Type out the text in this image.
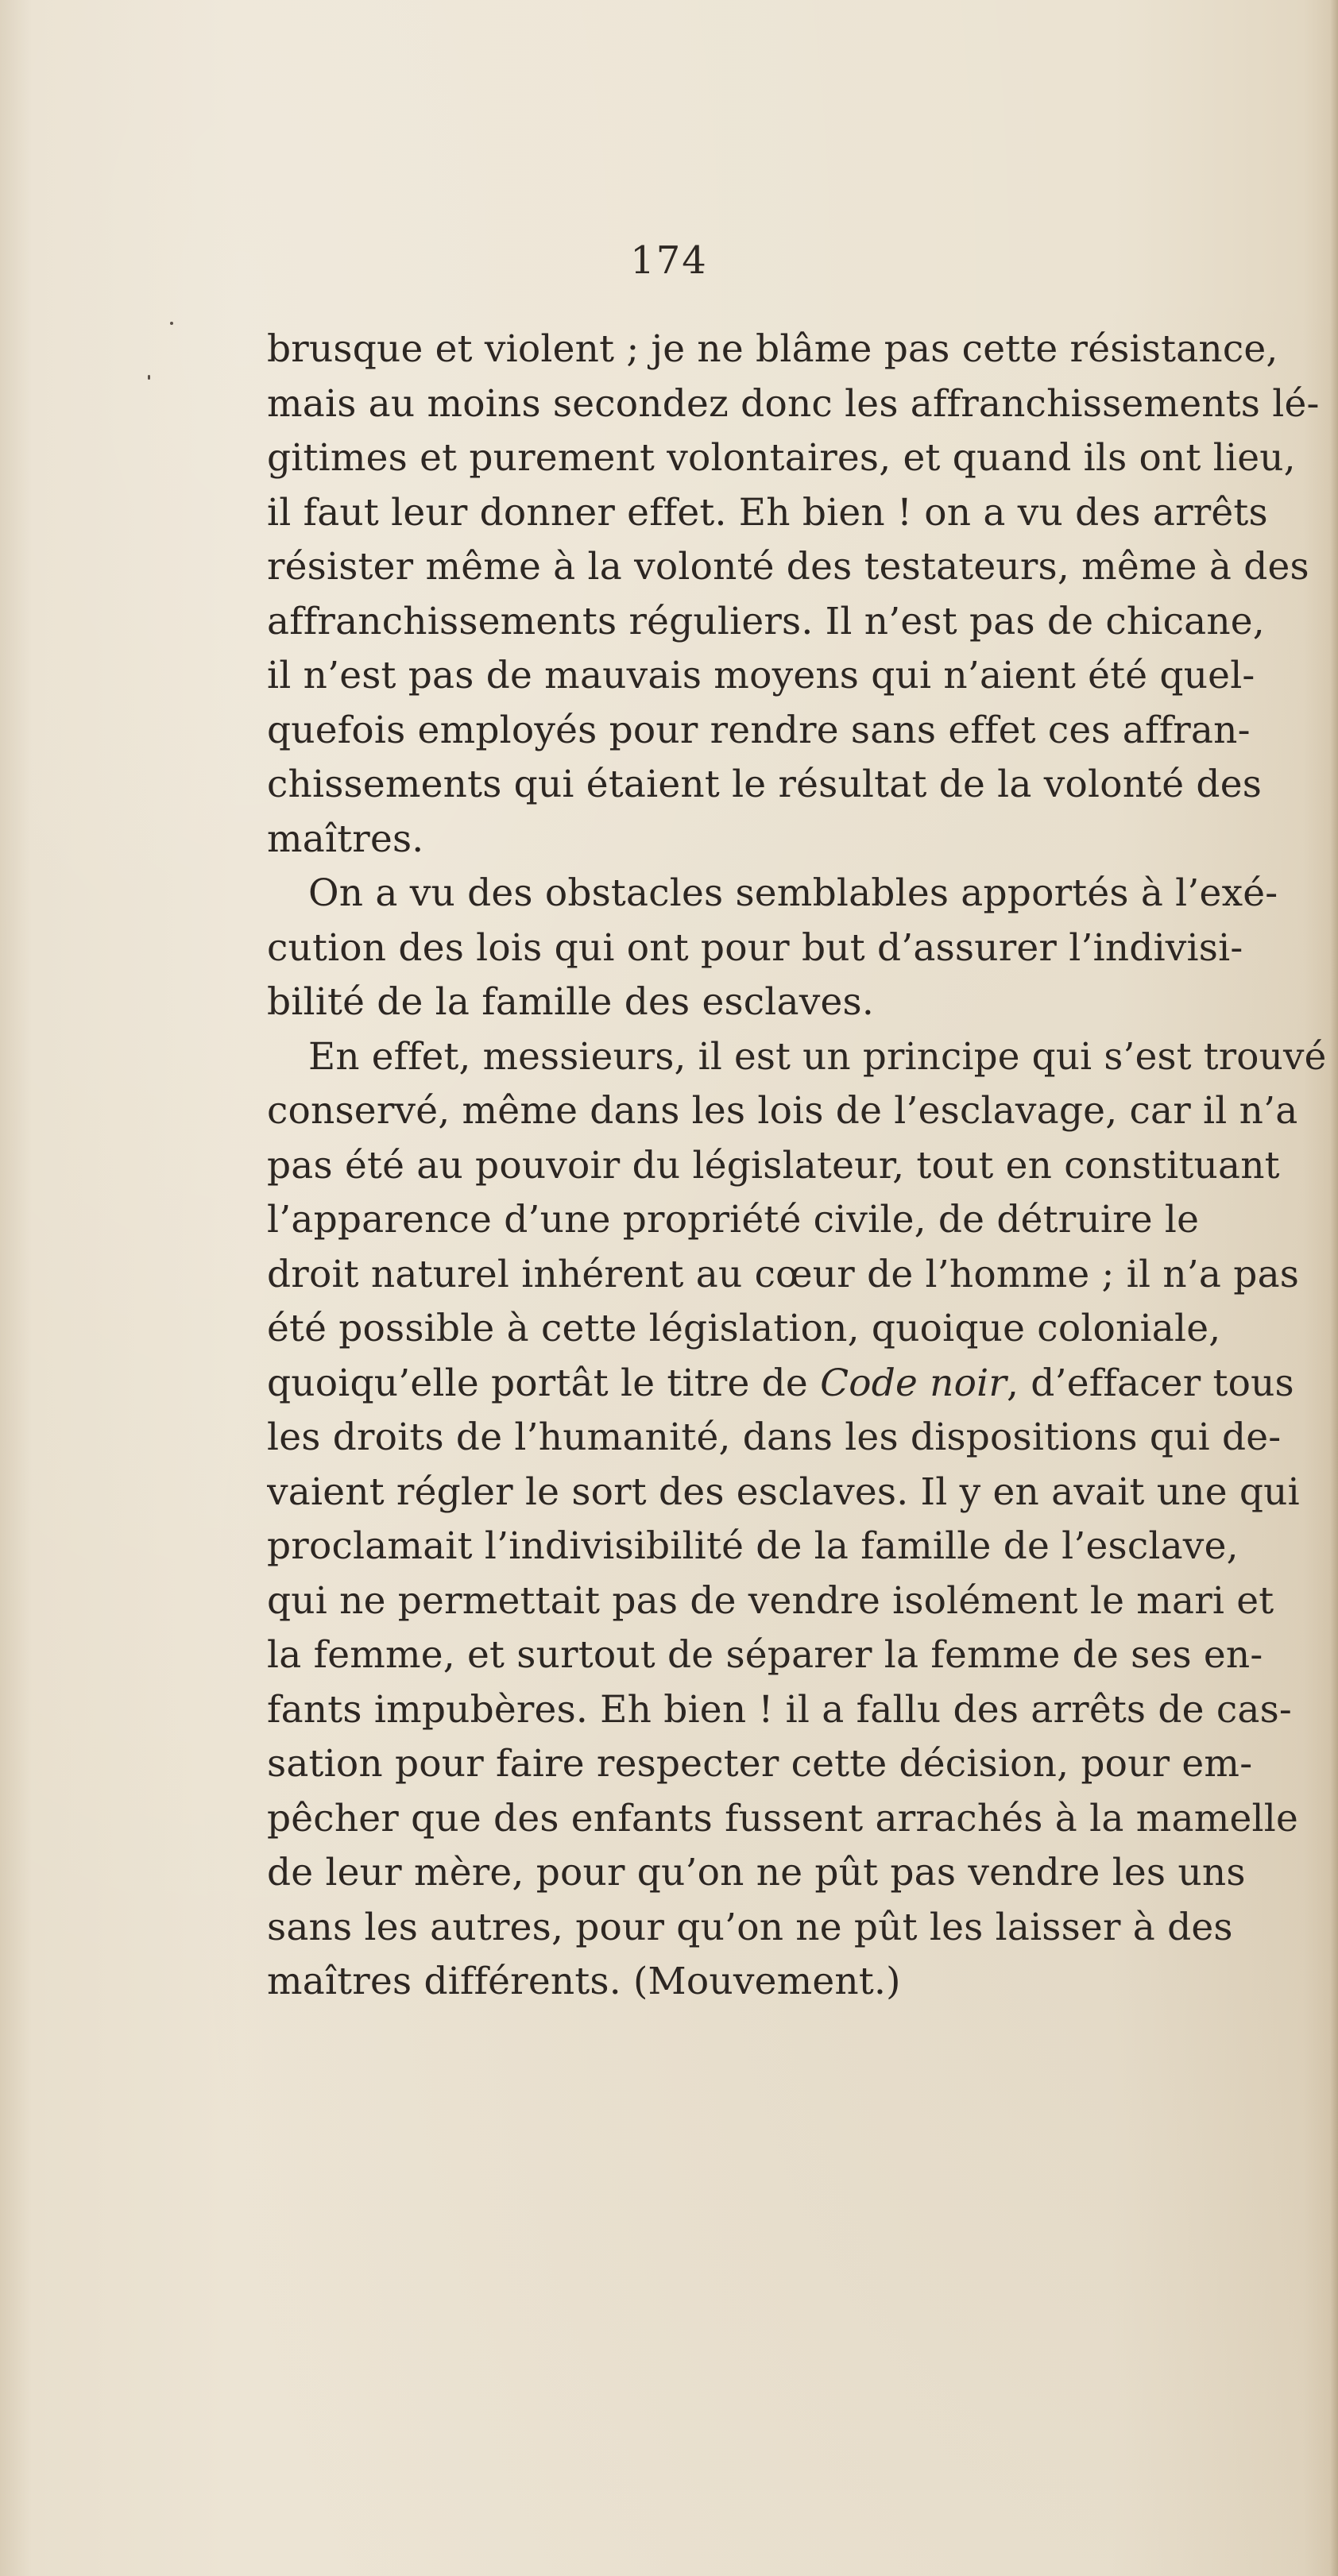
174
brusque et violent ; je ne blâme pas cette résistance,
mais au moins secondez donc les affranchissements lé-
gitimes et purement volontaires, et quand ils ont lieu,
il faut leur donner effet. Eh bien ! on a vu des arrêts
résister même à la volonté des testateurs, même à des
affranchissements réguliers. Il n’est pas de chicane,
il n’est pas de mauvais moyens qui n’aient été quel-
quefois employés pour rendre sans effet ces affran-
chissements qui étaient le résultat de la volonté des
maîtres.
On a vu des obstacles semblables apportés à l’exé-
cution des lois qui ont pour but d’assurer l’indivisi-
bilité de la famille des esclaves.
En effet, messieurs, il est un principe qui s’est trouvé
conservé, même dans les lois de l’esclavage, car il n’a
pas été au pouvoir du législateur, tout en constituant
l’apparence d’une propriété civile, de détruire le
droit naturel inhérent au cœur de l’homme ; il n’a pas
été possible à cette législation, quoique coloniale,
quoiqu’elle portât le titre de Code noir, d’effacer tous
les droits de l’humanité, dans les dispositions qui de-
vaient régler le sort des esclaves. Il y en avait une qui
proclamait l’indivisibilité de la famille de l’esclave,
qui ne permettait pas de vendre isolément le mari et
la femme, et surtout de séparer la femme de ses en-
fants impubères. Eh bien ! il a fallu des arrêts de cas-
sation pour faire respecter cette décision, pour em-
pêcher que des enfants fussent arrachés à la mamelle
de leur mère, pour qu’on ne pût pas vendre les uns
sans les autres, pour qu’on ne pût les laisser à des
maîtres différents. (Mouvement.)
